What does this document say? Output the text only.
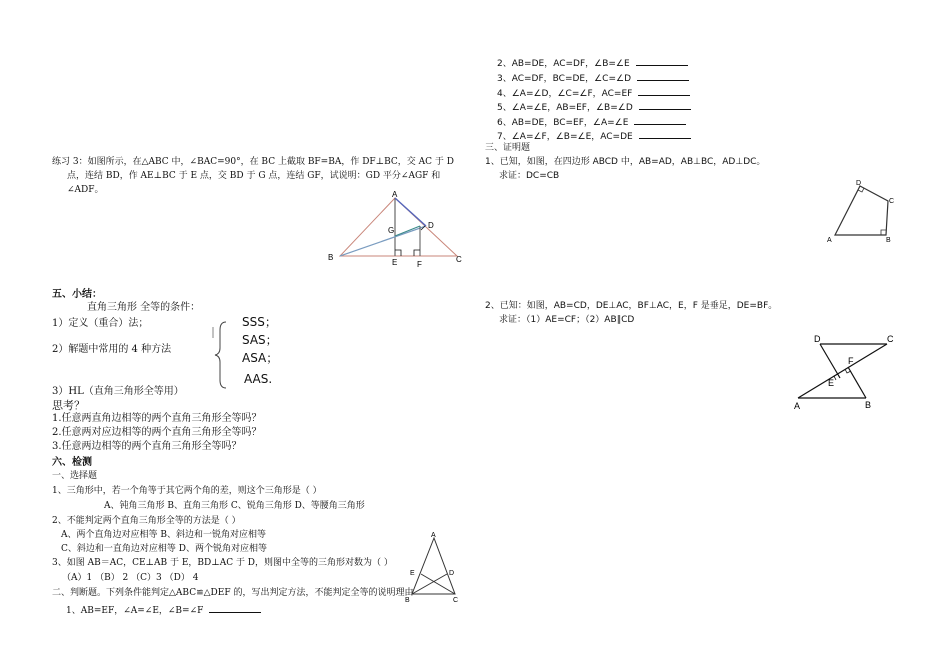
练习 3：如图所示，在△ABC 中，∠BAC=90°，在 BC 上截取 BF=BA，作 DF⊥BC，交 AC 于 D
点，连结 BD，作 AE⊥BC 于 E 点，交 BD 于 G 点，连结 GF，试说明：GD 平分∠AGF 和
∠ADF。	A
B	C
D
E F
G
五、小结：
直角三角形 全等的条件：
1）定义（重合）法；
2）解题中常用的 4 种方法
SSS；
SAS；
ASA；
AAS.
3）HL（直角三角形全等用）
思考？
1.任意两直角边相等的两个直角三角形全等吗？
2.任意两对应边相等的两个直角三角形全等吗？
3.任意两边相等的两个直角三角形全等吗？
六、检测
一、选择题
1、三角形中，若一个角等于其它两个角的差，则这个三角形是（ ）
A、钝角三角形 B、直角三角形 C、锐角三角形 D、等腰角三角形
2、不能判定两个直角三角形全等的方法是（ ）
A、两个直角边对应相等 B、斜边和一锐角对应相等
C、斜边和一直角边对应相等 D、两个锐角对应相等
3、如图 AB＝AC，CE⊥AB 于 E，BD⊥AC 于 D，则图中全等的三角形对数为（ ）
（A）1 （B） 2 （C）3 （D） 4
二、判断题。下列条件能判定△ABC≌△DEF 的，写出判定方法，不能判定全等的说明理由
1、AB=EF，∠A=∠E，∠B=∠F
A
E	D
B	C
2、AB=DE，AC=DF，∠B=∠E
3、AC=DF，BC=DE，∠C=∠D
4、∠A=∠D，∠C=∠F，AC=EF
5、∠A=∠E，AB=EF，∠B=∠D
6、AB=DE，BC=EF，∠A=∠E
7、∠A=∠F，∠B=∠E，AC=DE
三、证明题
1、已知，如图，在四边形 ABCD 中，AB=AD，AB⊥BC，AD⊥DC。
求证：DC=CB
D
C
A	B
2、已知：如图，AB=CD，DE⊥AC，BF⊥AC，E，F 是垂足，DE=BF。
求证：（1）AE=CF；（2）AB∥CD
D	C
F
E
A	B
